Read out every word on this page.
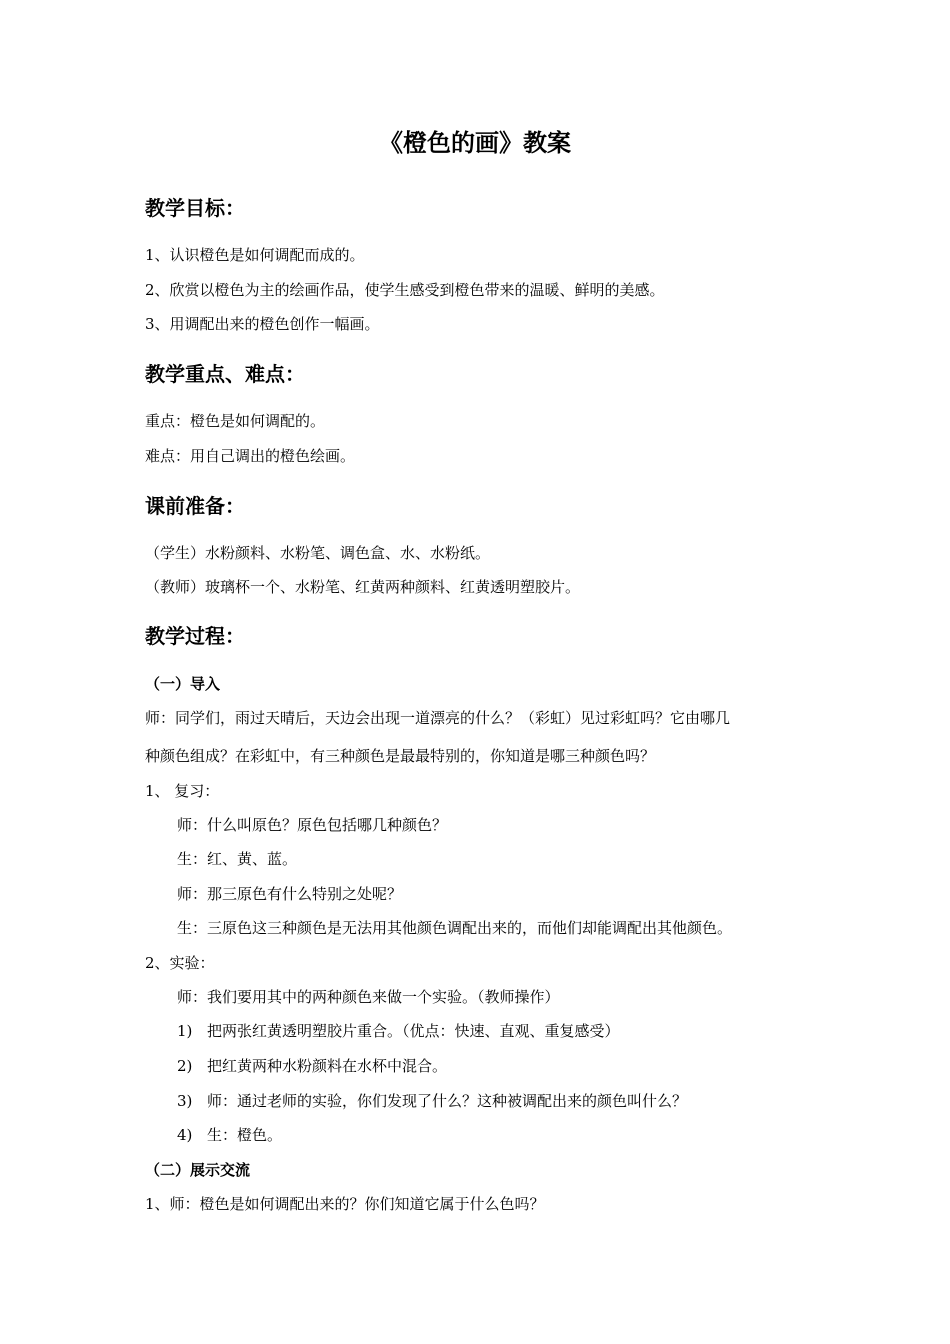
《橙色的画》教案
教学目标：
1、认识橙色是如何调配而成的。
2、欣赏以橙色为主的绘画作品，使学生感受到橙色带来的温暖、鲜明的美感。
3、用调配出来的橙色创作一幅画。
教学重点、难点：
重点：橙色是如何调配的。
难点：用自己调出的橙色绘画。
课前准备：
（学生）水粉颜料、水粉笔、调色盒、水、水粉纸。
（教师）玻璃杯一个、水粉笔、红黄两种颜料、红黄透明塑胶片。
教学过程：
（一）导入
师：同学们，雨过天晴后，天边会出现一道漂亮的什么？（彩虹）见过彩虹吗？它由哪几
种颜色组成？在彩虹中，有三种颜色是最最特别的，你知道是哪三种颜色吗？
1、 复习：
师：什么叫原色？原色包括哪几种颜色？
生：红、黄、蓝。
师：那三原色有什么特别之处呢？
生：三原色这三种颜色是无法用其他颜色调配出来的，而他们却能调配出其他颜色。
2、实验：
师：我们要用其中的两种颜色来做一个实验。（教师操作）
1) 把两张红黄透明塑胶片重合。（优点：快速、直观、重复感受）
2) 把红黄两种水粉颜料在水杯中混合。
3) 师：通过老师的实验，你们发现了什么？这种被调配出来的颜色叫什么？
4) 生：橙色。
（二）展示交流
1、师：橙色是如何调配出来的？你们知道它属于什么色吗？
